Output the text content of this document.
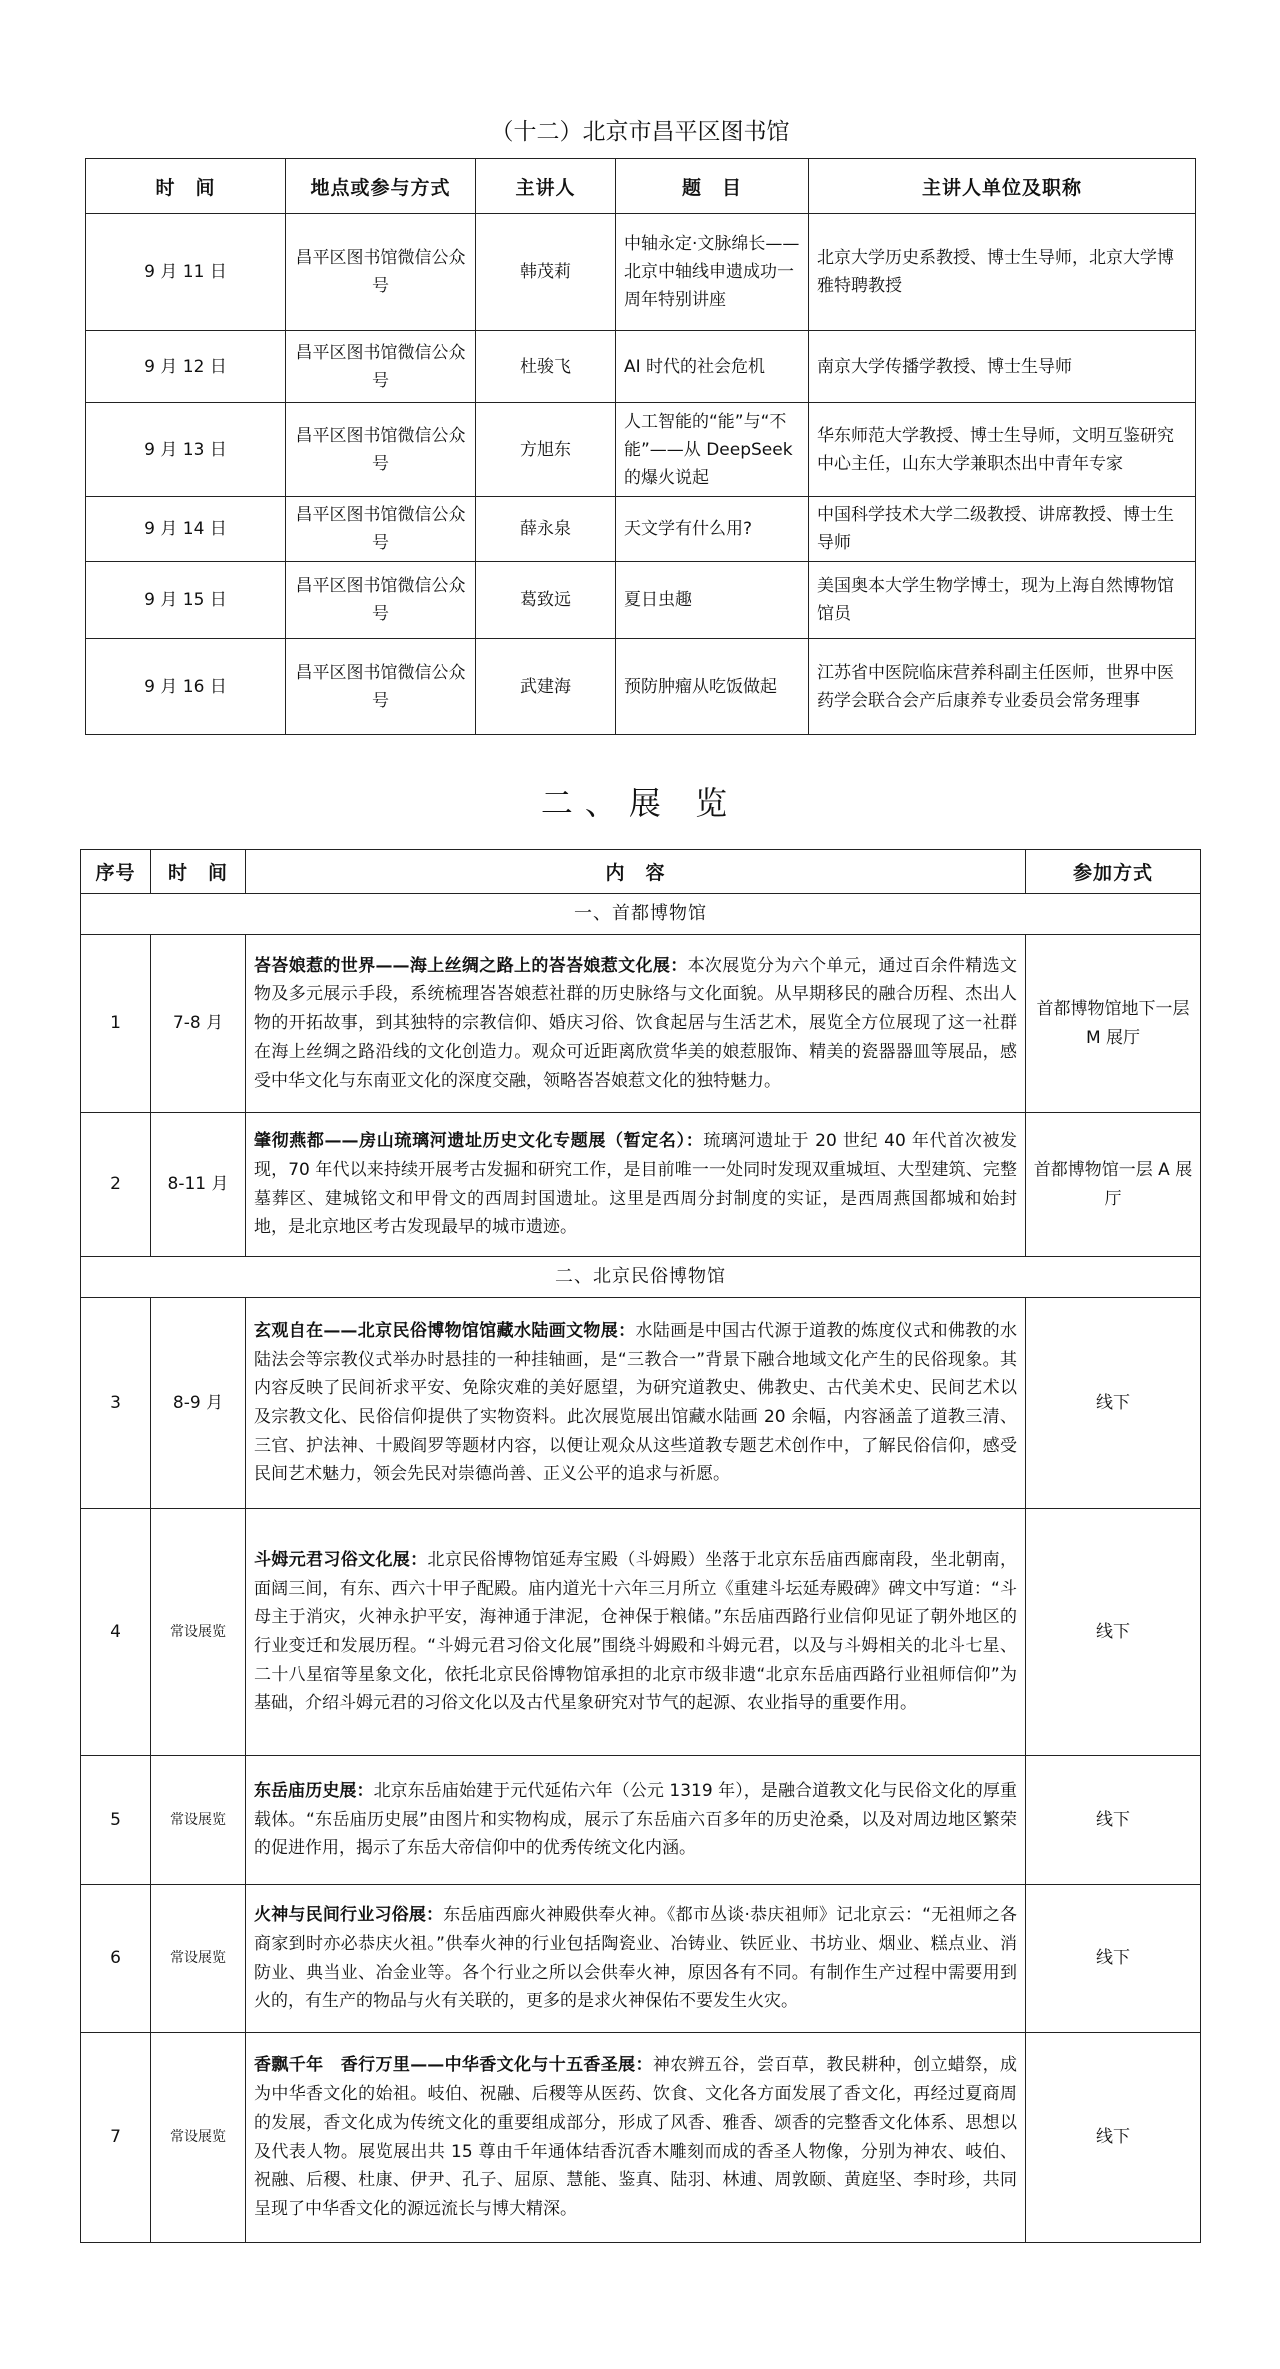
（十二）北京市昌平区图书馆
时　间	地点或参与方式	主讲人	题　目	主讲人单位及职称
9 月 11 日	昌平区图书馆微信公众号	韩茂莉	中轴永定·文脉绵长——北京中轴线申遗成功一周年特别讲座	北京大学历史系教授、博士生导师，北京大学博雅特聘教授
9 月 12 日	昌平区图书馆微信公众号	杜骏飞	AI 时代的社会危机	南京大学传播学教授、博士生导师
9 月 13 日	昌平区图书馆微信公众号	方旭东	人工智能的“能”与“不能”——从 DeepSeek 的爆火说起	华东师范大学教授、博士生导师，文明互鉴研究中心主任，山东大学兼职杰出中青年专家
9 月 14 日	昌平区图书馆微信公众号	薛永泉	天文学有什么用?	中国科学技术大学二级教授、讲席教授、博士生导师
9 月 15 日	昌平区图书馆微信公众号	葛致远	夏日虫趣	美国奥本大学生物学博士，现为上海自然博物馆馆员
9 月 16 日	昌平区图书馆微信公众号	武建海	预防肿瘤从吃饭做起	江苏省中医院临床营养科副主任医师，世界中医药学会联合会产后康养专业委员会常务理事
二、展 览
序号	时　间	内　容	参加方式
一、首都博物馆			
1	7-8 月	峇峇娘惹的世界——海上丝绸之路上的峇峇娘惹文化展：本次展览分为六个单元，通过百余件精选文物及多元展示手段，系统梳理峇峇娘惹社群的历史脉络与文化面貌。从早期移民的融合历程、杰出人物的开拓故事，到其独特的宗教信仰、婚庆习俗、饮食起居与生活艺术，展览全方位展现了这一社群在海上丝绸之路沿线的文化创造力。观众可近距离欣赏华美的娘惹服饰、精美的瓷器器皿等展品，感受中华文化与东南亚文化的深度交融，领略峇峇娘惹文化的独特魅力。	首都博物馆地下一层 M 展厅
2	8-11 月	肇彻燕都——房山琉璃河遗址历史文化专题展（暂定名）：琉璃河遗址于 20 世纪 40 年代首次被发现，70 年代以来持续开展考古发掘和研究工作，是目前唯一一处同时发现双重城垣、大型建筑、完整墓葬区、建城铭文和甲骨文的西周封国遗址。这里是西周分封制度的实证，是西周燕国都城和始封地，是北京地区考古发现最早的城市遗迹。	首都博物馆一层 A 展厅
二、北京民俗博物馆			
3	8-9 月	玄观自在——北京民俗博物馆馆藏水陆画文物展：水陆画是中国古代源于道教的炼度仪式和佛教的水陆法会等宗教仪式举办时悬挂的一种挂轴画，是“三教合一”背景下融合地域文化产生的民俗现象。其内容反映了民间祈求平安、免除灾难的美好愿望，为研究道教史、佛教史、古代美术史、民间艺术以及宗教文化、民俗信仰提供了实物资料。此次展览展出馆藏水陆画 20 余幅，内容涵盖了道教三清、三官、护法神、十殿阎罗等题材内容，以便让观众从这些道教专题艺术创作中，了解民俗信仰，感受民间艺术魅力，领会先民对崇德尚善、正义公平的追求与祈愿。	线下
4	常设展览	斗姆元君习俗文化展：北京民俗博物馆延寿宝殿（斗姆殿）坐落于北京东岳庙西廊南段，坐北朝南，面阔三间，有东、西六十甲子配殿。庙内道光十六年三月所立《重建斗坛延寿殿碑》碑文中写道：“斗母主于消灾，火神永护平安，海神通于津泥，仓神保于粮储。”东岳庙西路行业信仰见证了朝外地区的行业变迁和发展历程。“斗姆元君习俗文化展”围绕斗姆殿和斗姆元君，以及与斗姆相关的北斗七星、二十八星宿等星象文化，依托北京民俗博物馆承担的北京市级非遗“北京东岳庙西路行业祖师信仰”为基础，介绍斗姆元君的习俗文化以及古代星象研究对节气的起源、农业指导的重要作用。	线下
5	常设展览	东岳庙历史展：北京东岳庙始建于元代延佑六年（公元 1319 年），是融合道教文化与民俗文化的厚重载体。“东岳庙历史展”由图片和实物构成，展示了东岳庙六百多年的历史沧桑，以及对周边地区繁荣的促进作用，揭示了东岳大帝信仰中的优秀传统文化内涵。	线下
6	常设展览	火神与民间行业习俗展：东岳庙西廊火神殿供奉火神。《都市丛谈·恭庆祖师》记北京云：“无祖师之各商家到时亦必恭庆火祖。”供奉火神的行业包括陶瓷业、冶铸业、铁匠业、书坊业、烟业、糕点业、消防业、典当业、冶金业等。各个行业之所以会供奉火神，原因各有不同。有制作生产过程中需要用到火的，有生产的物品与火有关联的，更多的是求火神保佑不要发生火灾。	线下
7	常设展览	香飘千年　香行万里——中华香文化与十五香圣展：神农辨五谷，尝百草，教民耕种，创立蜡祭，成为中华香文化的始祖。岐伯、祝融、后稷等从医药、饮食、文化各方面发展了香文化，再经过夏商周的发展，香文化成为传统文化的重要组成部分，形成了风香、雅香、颂香的完整香文化体系、思想以及代表人物。展览展出共 15 尊由千年通体结香沉香木雕刻而成的香圣人物像，分别为神农、岐伯、祝融、后稷、杜康、伊尹、孔子、屈原、慧能、鉴真、陆羽、林逋、周敦颐、黄庭坚、李时珍，共同呈现了中华香文化的源远流长与博大精深。	线下
